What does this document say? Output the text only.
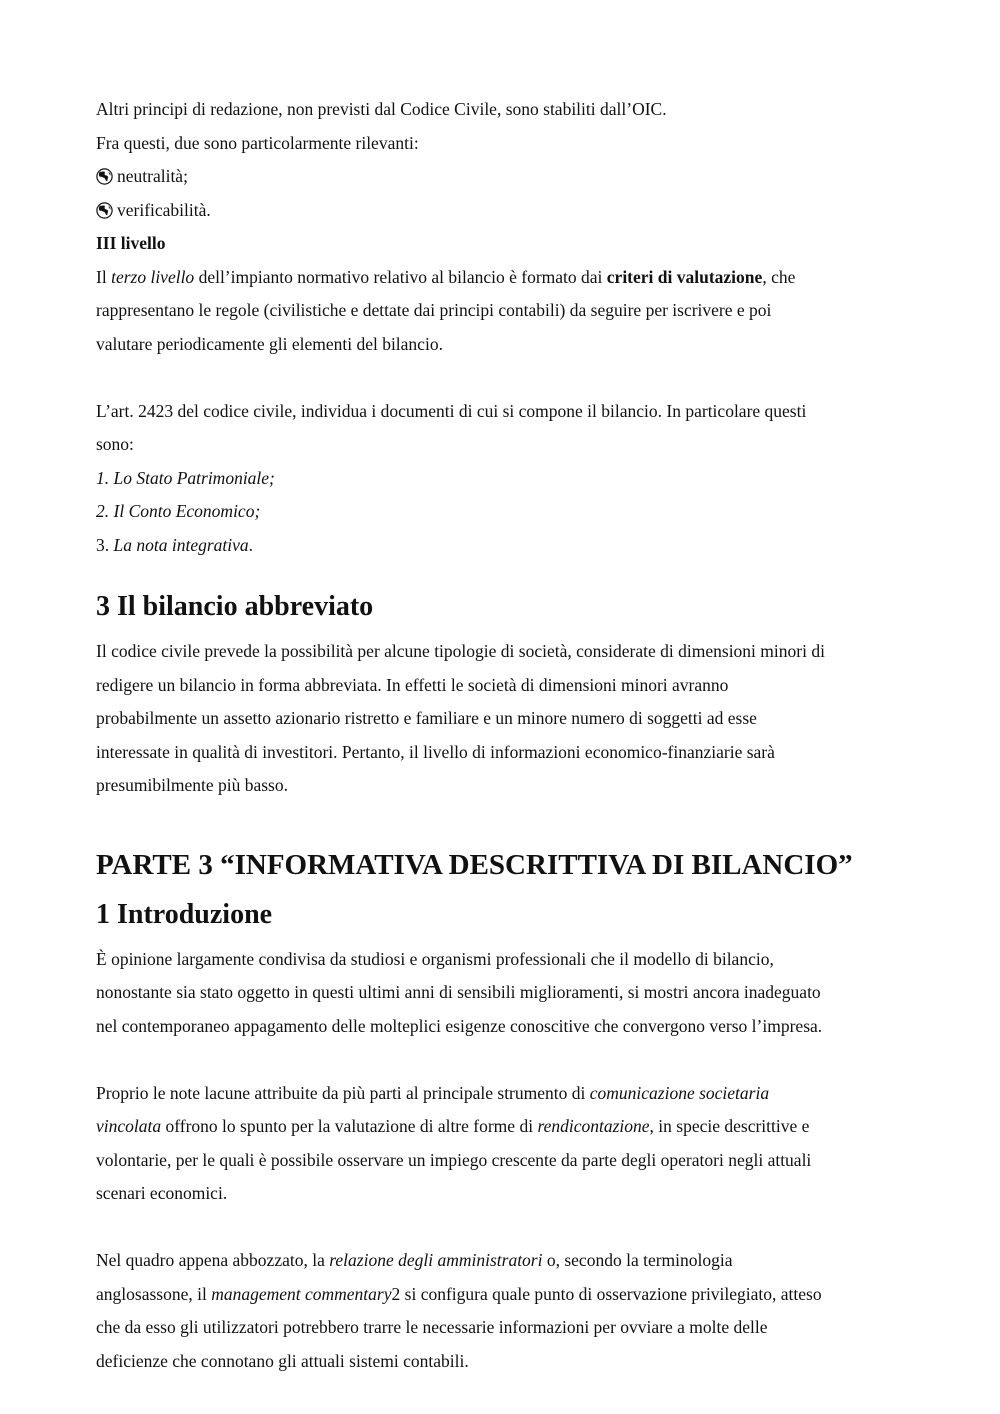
Altri principi di redazione, non previsti dal Codice Civile, sono stabiliti dall’OIC.

Fra questi, due sono particolarmente rilevanti:

neutralità;

verificabilità.

III livello

Il terzo livello dell’impianto normativo relativo al bilancio è formato dai criteri di valutazione, che

rappresentano le regole (civilistiche e dettate dai principi contabili) da seguire per iscrivere e poi

valutare periodicamente gli elementi del bilancio.

L’art. 2423 del codice civile, individua i documenti di cui si compone il bilancio. In particolare questi

sono:

1. Lo Stato Patrimoniale;

2. Il Conto Economico;

3. La nota integrativa.

3 Il bilancio abbreviato

Il codice civile prevede la possibilità per alcune tipologie di società, considerate di dimensioni minori di

redigere un bilancio in forma abbreviata. In effetti le società di dimensioni minori avranno

probabilmente un assetto azionario ristretto e familiare e un minore numero di soggetti ad esse

interessate in qualità di investitori. Pertanto, il livello di informazioni economico-finanziarie sarà

presumibilmente più basso.

PARTE 3 “INFORMATIVA DESCRITTIVA DI BILANCIO”
1 Introduzione

È opinione largamente condivisa da studiosi e organismi professionali che il modello di bilancio,

nonostante sia stato oggetto in questi ultimi anni di sensibili miglioramenti, si mostri ancora inadeguato

nel contemporaneo appagamento delle molteplici esigenze conoscitive che convergono verso l’impresa.

Proprio le note lacune attribuite da più parti al principale strumento di comunicazione societaria

vincolata offrono lo spunto per la valutazione di altre forme di rendicontazione, in specie descrittive e

volontarie, per le quali è possibile osservare un impiego crescente da parte degli operatori negli attuali

scenari economici.

Nel quadro appena abbozzato, la relazione degli amministratori o, secondo la terminologia

anglosassone, il management commentary2 si configura quale punto di osservazione privilegiato, atteso

che da esso gli utilizzatori potrebbero trarre le necessarie informazioni per ovviare a molte delle

deficienze che connotano gli attuali sistemi contabili.
